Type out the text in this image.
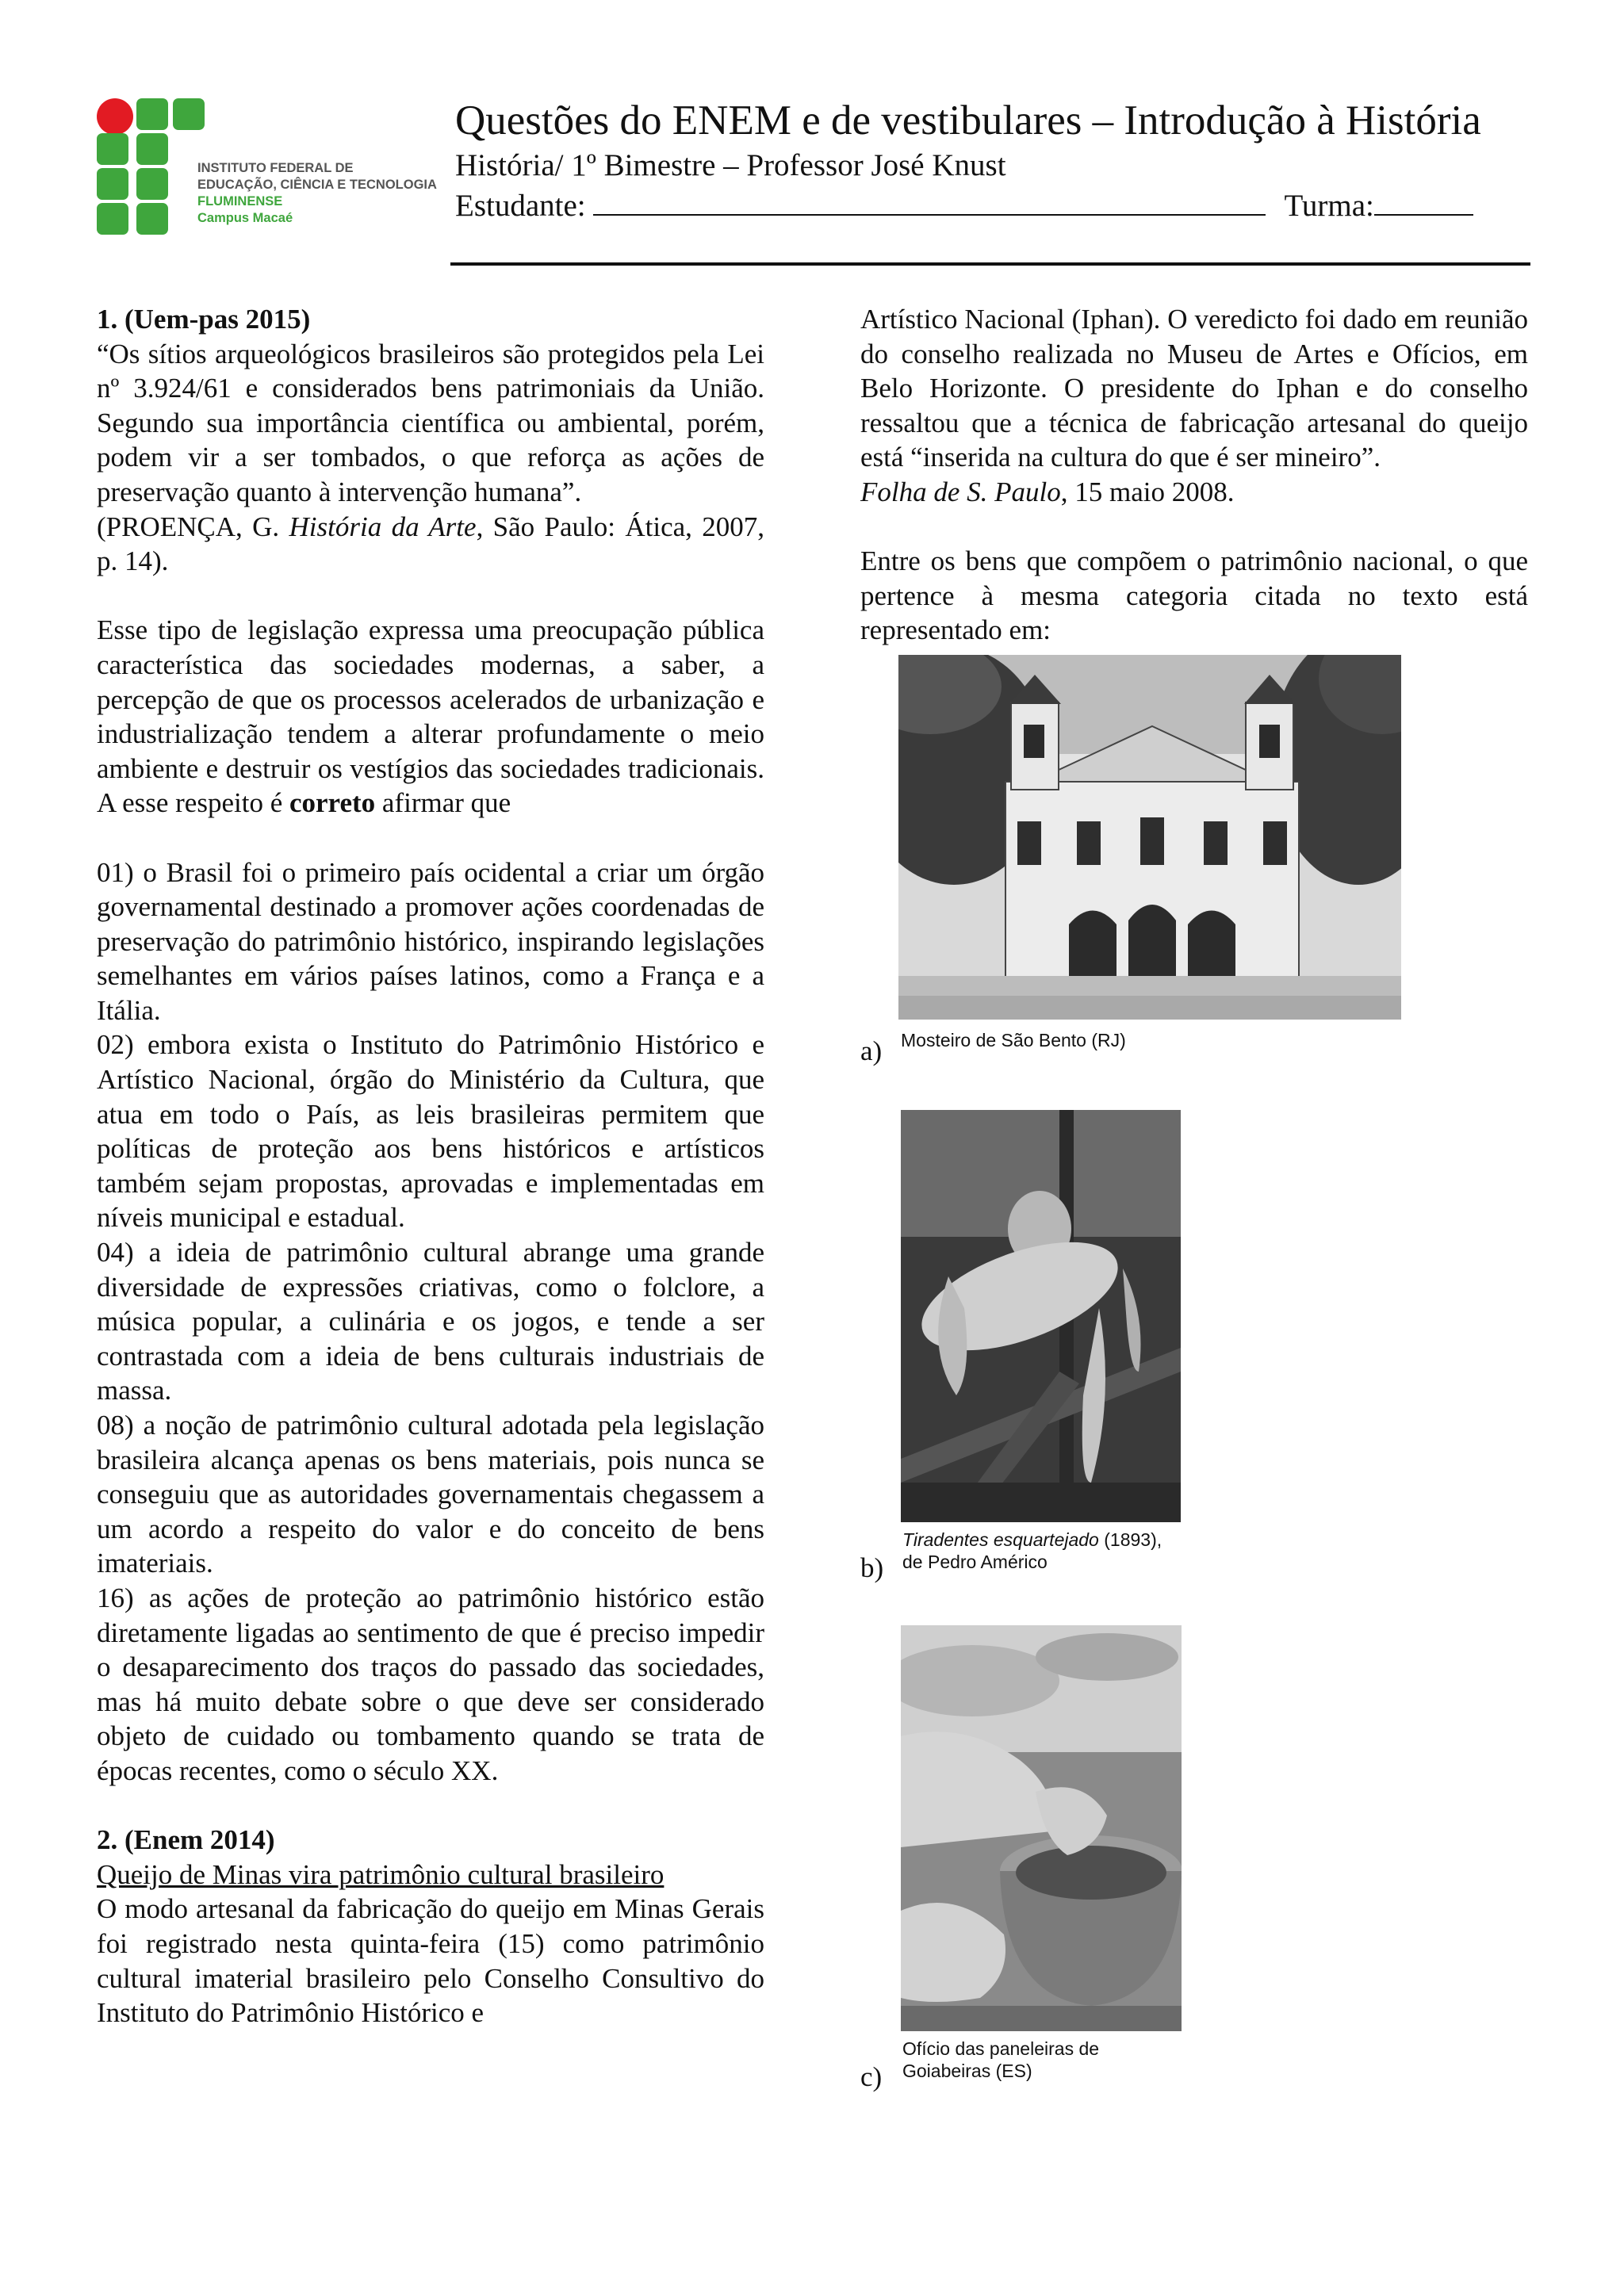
INSTITUTO FEDERAL DE
EDUCAÇÃO, CIÊNCIA E TECNOLOGIA
FLUMINENSE
Campus Macaé
Questões do ENEM e de vestibulares – Introdução à História
História/ 1º Bimestre – Professor José Knust
Estudante:	Turma:

1. (Uem-pas 2015)

“Os sítios arqueológicos brasileiros são protegidos pela Lei nº 3.924/61 e considerados bens patrimoniais da União. Segundo sua importância científica ou ambiental, porém, podem vir a ser tombados, o que reforça as ações de preservação quanto à intervenção humana”.

(PROENÇA, G. História da Arte, São Paulo: Ática, 2007, p. 14).

Esse tipo de legislação expressa uma preocupação pública característica das sociedades modernas, a saber, a percepção de que os processos acelerados de urbanização e industrialização tendem a alterar profundamente o meio ambiente e destruir os vestígios das sociedades tradicionais. A esse respeito é correto afirmar que

01) o Brasil foi o primeiro país ocidental a criar um órgão governamental destinado a promover ações coordenadas de preservação do patrimônio histórico, inspirando legislações semelhantes em vários países latinos, como a França e a Itália.

02) embora exista o Instituto do Patrimônio Histórico e Artístico Nacional, órgão do Ministério da Cultura, que atua em todo o País, as leis brasileiras permitem que políticas de proteção aos bens históricos e artísticos também sejam propostas, aprovadas e implementadas em níveis municipal e estadual.

04) a ideia de patrimônio cultural abrange uma grande diversidade de expressões criativas, como o folclore, a música popular, a culinária e os jogos, e tende a ser contrastada com a ideia de bens culturais industriais de massa.

08) a noção de patrimônio cultural adotada pela legislação brasileira alcança apenas os bens materiais, pois nunca se conseguiu que as autoridades governamentais chegassem a um acordo a respeito do valor e do conceito de bens imateriais.

16) as ações de proteção ao patrimônio histórico estão diretamente ligadas ao sentimento de que é preciso impedir o desaparecimento dos traços do passado das sociedades, mas há muito debate sobre o que deve ser considerado objeto de cuidado ou tombamento quando se trata de épocas recentes, como o século XX.

2. (Enem 2014)

Queijo de Minas vira patrimônio cultural brasileiro

O modo artesanal da fabricação do queijo em Minas Gerais foi registrado nesta quinta-feira (15) como patrimônio cultural imaterial brasileiro pelo Conselho Consultivo do Instituto do Patrimônio Histórico e

Artístico Nacional (Iphan). O veredicto foi dado em reunião do conselho realizada no Museu de Artes e Ofícios, em Belo Horizonte. O presidente do Iphan e do conselho ressaltou que a técnica de fabricação artesanal do queijo está “inserida na cultura do que é ser mineiro”.

Folha de S. Paulo, 15 maio 2008.

Entre os bens que compõem o patrimônio nacional, o que pertence à mesma categoria citada no texto está representado em:

a) Mosteiro de São Bento (RJ)
b)
Tiradentes esquartejado (1893),
de Pedro Américo
c)
Ofício das paneleiras de
Goiabeiras (ES)
